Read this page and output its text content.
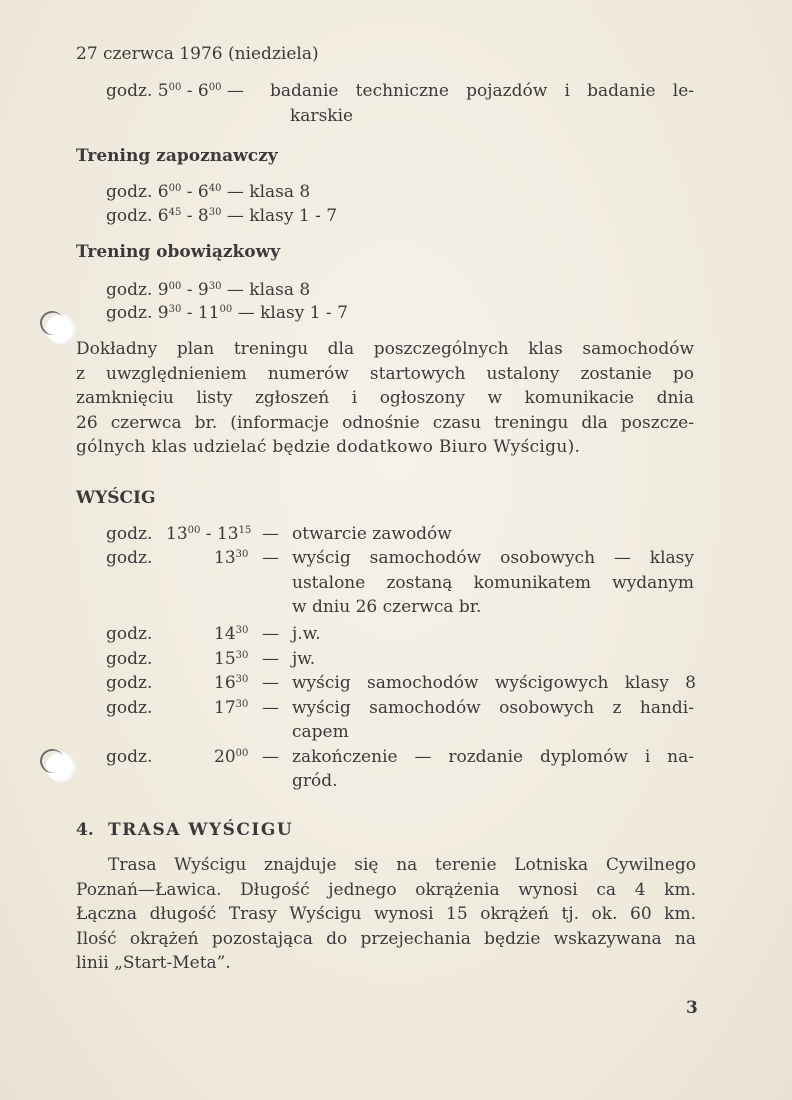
27 czerwca 1976 (niedziela)
godz. $5^{00} - 6^{00}$ — badanie techniczne pojazdów i badanie le-
karskie
Trening zapoznawczy
godz. $6^{00} - 6^{40}$ — klasa 8
godz. $6^{45} - 8^{30}$ — klasy 1 - 7
Trening obowiązkowy
godz. $9^{00} - 9^{30}$ — klasa 8
godz. $9^{30} - 11^{00}$ — klasy 1 - 7

Dokładny plan treningu dla poszczególnych klas samochodów

z uwzględnieniem numerów startowych ustalony zostanie po

zamknięciu listy zgłoszeń i ogłoszony w komunikacie dnia

26 czerwca br. (informacje odnośnie czasu treningu dla poszcze-

gólnych klas udzielać będzie dodatkowo Biuro Wyścigu).

WYŚCIG
godz. $13^{00} - 13^{15}$ — otwarcie zawodów
godz.	$13^{30}$ — wyścig samochodów osobowych — klasy
ustalone zostaną komunikatem wydanym
w dniu 26 czerwca br.
godz.	$14^{30}$ — j.w.
godz.	$15^{30}$ — jw.
godz.	$16^{30}$ — wyścig samochodów wyścigowych klasy 8
godz.	$17^{30}$ — wyścig samochodów osobowych z handi-
capem
godz.	$20^{00}$ — zakończenie — rozdanie dyplomów i na-
gród.
4. TRASA WYŚCIGU

Trasa Wyścigu znajduje się na terenie Lotniska Cywilnego

Poznań—Ławica. Długość jednego okrążenia wynosi ca 4 km.

Łączna długość Trasy Wyścigu wynosi 15 okrążeń tj. ok. 60 km.

Ilość okrążeń pozostająca do przejechania będzie wskazywana na

linii „Start-Meta”.

3
